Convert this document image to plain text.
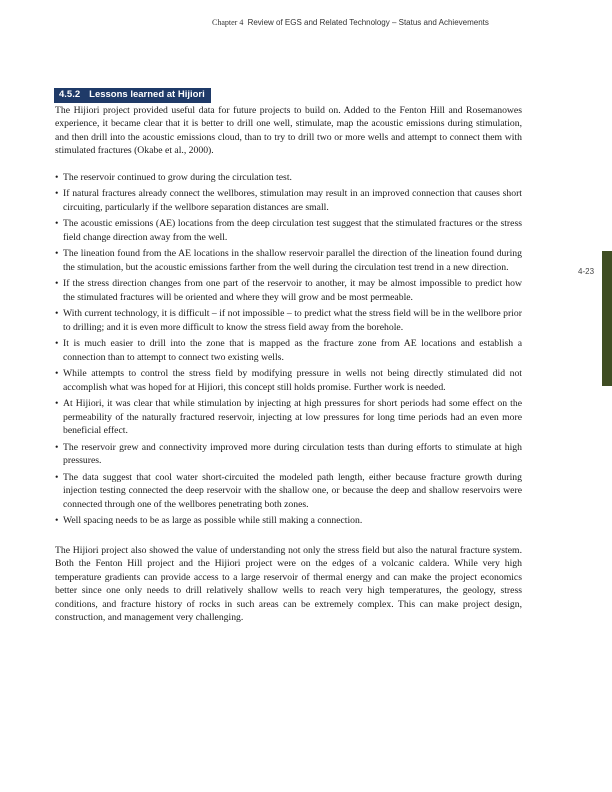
Chapter 4 Review of EGS and Related Technology – Status and Achievements
4.5.2 Lessons learned at Hijiori

The Hijiori project provided useful data for future projects to build on. Added to the Fenton Hill and Rosemanowes experience, it became clear that it is better to drill one well, stimulate, map the acoustic emissions during stimulation, and then drill into the acoustic emissions cloud, than to try to drill two or more wells and attempt to connect them with stimulated fractures (Okabe et al., 2000).

• The reservoir continued to grow during the circulation test.
• If natural fractures already connect the wellbores, stimulation may result in an improved connection that causes short circuiting, particularly if the wellbore separation distances are small.
• The acoustic emissions (AE) locations from the deep circulation test suggest that the stimulated fractures or the stress field change direction away from the well.
• The lineation found from the AE locations in the shallow reservoir parallel the direction of the lineation found during the stimulation, but the acoustic emissions farther from the well during the circulation test trend in a new direction.
• If the stress direction changes from one part of the reservoir to another, it may be almost impossible to predict how the stimulated fractures will be oriented and where they will grow and be most permeable.
• With current technology, it is difficult – if not impossible – to predict what the stress field will be in the wellbore prior to drilling; and it is even more difficult to know the stress field away from the borehole.
• It is much easier to drill into the zone that is mapped as the fracture zone from AE locations and establish a connection than to attempt to connect two existing wells.
• While attempts to control the stress field by modifying pressure in wells not being directly stimulated did not accomplish what was hoped for at Hijiori, this concept still holds promise. Further work is needed.
• At Hijiori, it was clear that while stimulation by injecting at high pressures for short periods had some effect on the permeability of the naturally fractured reservoir, injecting at low pressures for long time periods had an even more beneficial effect.
• The reservoir grew and connectivity improved more during circulation tests than during efforts to stimulate at high pressures.
• The data suggest that cool water short-circuited the modeled path length, either because fracture growth during injection testing connected the deep reservoir with the shallow one, or because the deep and shallow reservoirs were connected through one of the wellbores penetrating both zones.
• Well spacing needs to be as large as possible while still making a connection.

The Hijiori project also showed the value of understanding not only the stress field but also the natural fracture system. Both the Fenton Hill project and the Hijiori project were on the edges of a volcanic caldera. While very high temperature gradients can provide access to a large reservoir of thermal energy and can make the project economics better since one only needs to drill relatively shallow wells to reach very high temperatures, the geology, stress conditions, and fracture history of rocks in such areas can be extremely complex. This can make project design, construction, and management very challenging.

4-23
